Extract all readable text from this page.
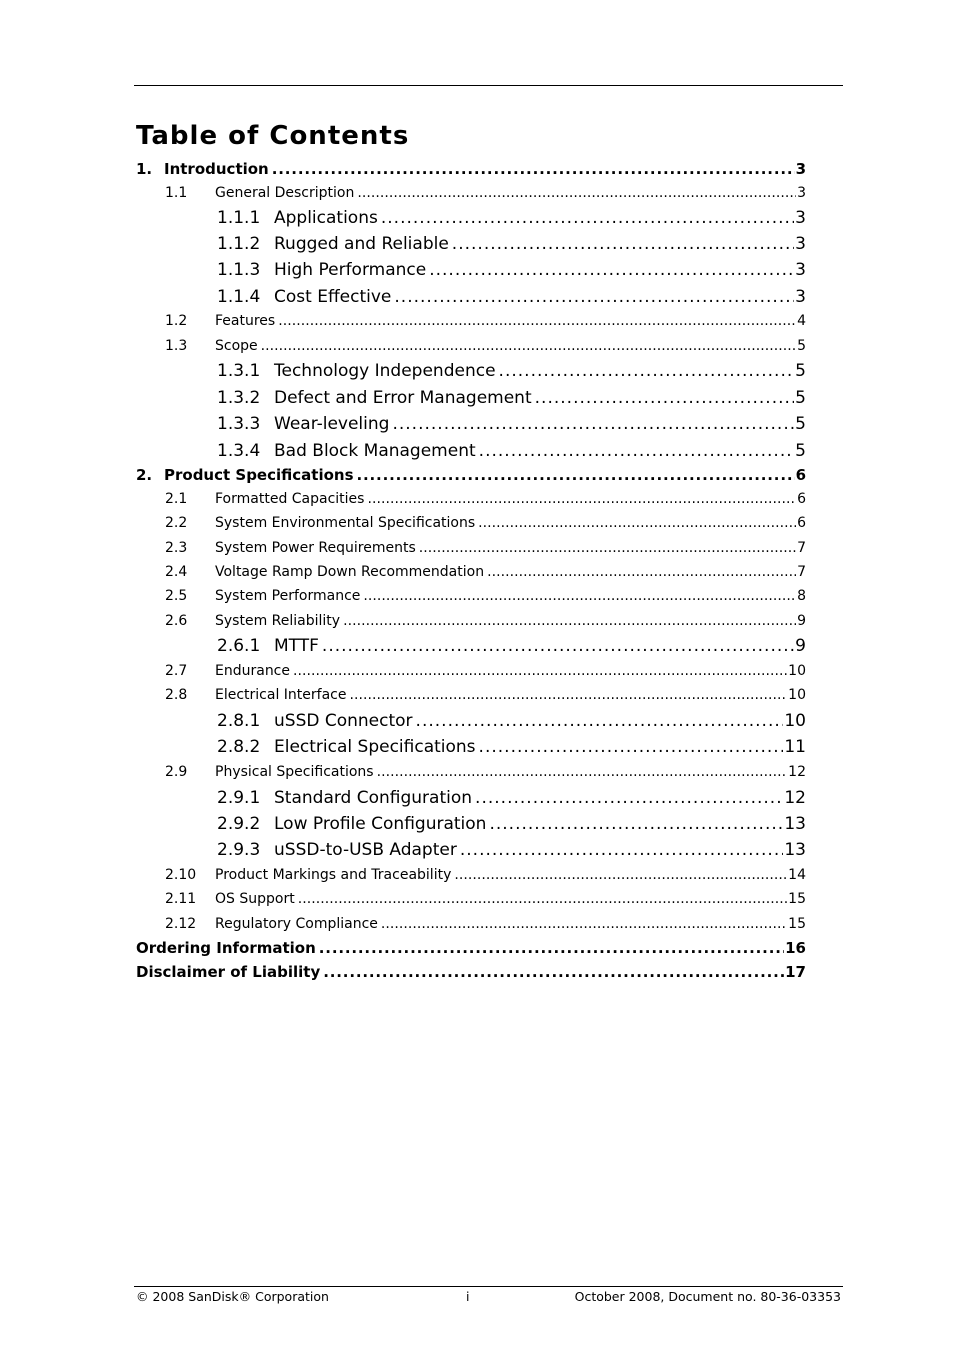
Table of Contents
1. Introduction . . .	3
1.1	General Description . . .	3
1.1.1 Applications . . .	3
1.1.2 Rugged and Reliable . . .	3
1.1.3 High Performance . . .	3
1.1.4 Cost Effective . . .	3
1.2	Features . . .	4
1.3	Scope . . .	5
1.3.1 Technology Independence . . .	5
1.3.2 Defect and Error Management . . .	5
1.3.3 Wear-leveling . . .	5
1.3.4 Bad Block Management . . .	5
2. Product Specifications . . .	6
2.1	Formatted Capacities . . .	6
2.2	System Environmental Specifications . . .	6
2.3	System Power Requirements . . .	7
2.4	Voltage Ramp Down Recommendation . . .	7
2.5	System Performance . . .	8
2.6	System Reliability . . .	9
2.6.1 MTTF . . .	9
2.7	Endurance . . .	10
2.8	Electrical Interface . . .	10
2.8.1 uSSD Connector . . .	10
2.8.2 Electrical Specifications . . .	11
2.9	Physical Specifications . . .	12
2.9.1 Standard Configuration . . .	12
2.9.2 Low Profile Configuration . . .	13
2.9.3 uSSD-to-USB Adapter . . .	13
2.10	Product Markings and Traceability . . .	14
2.11	OS Support . . .	15
2.12	Regulatory Compliance . . .	15
Ordering Information . . .	16
Disclaimer of Liability . . .	17
© 2008 SanDisk® Corporation	i	October 2008, Document no. 80-36-03353
